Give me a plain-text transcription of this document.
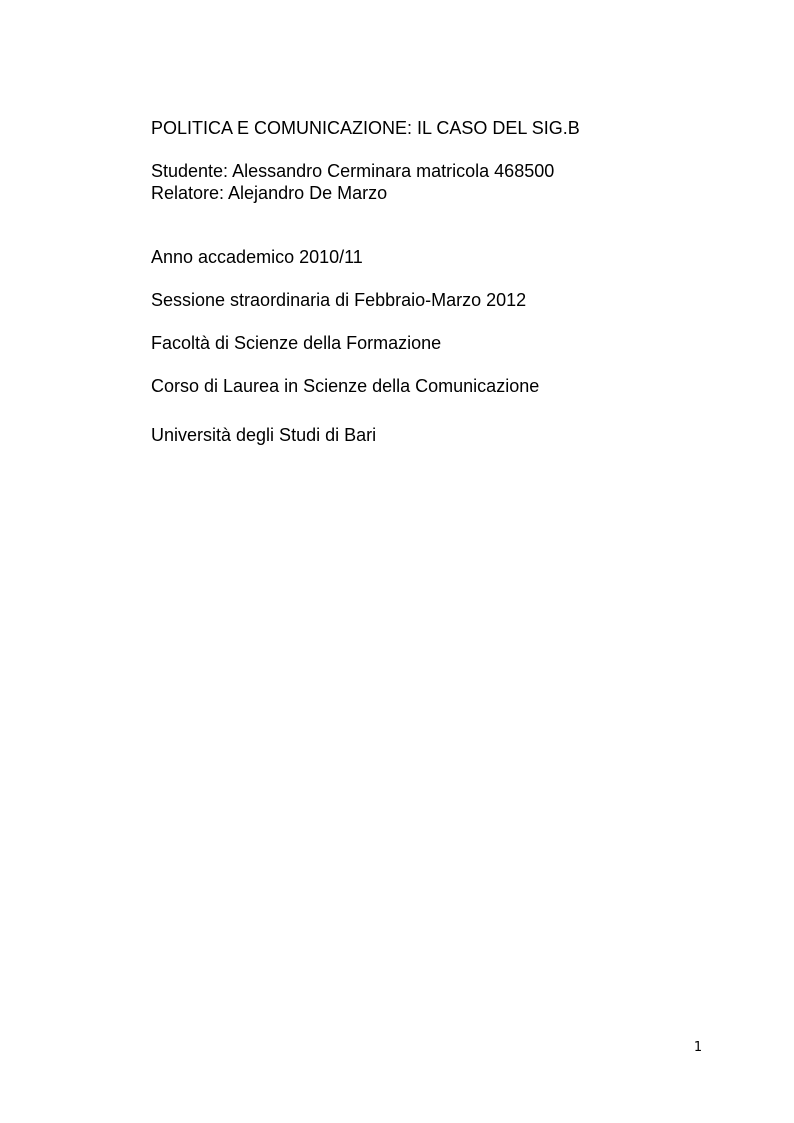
POLITICA E COMUNICAZIONE: IL CASO DEL SIG.B

Studente: Alessandro Cerminara matricola 468500

Relatore: Alejandro De Marzo

Anno accademico 2010/11

Sessione straordinaria di Febbraio-Marzo 2012

Facoltà di Scienze della Formazione

Corso di Laurea in Scienze della Comunicazione

Università degli Studi di Bari

1
